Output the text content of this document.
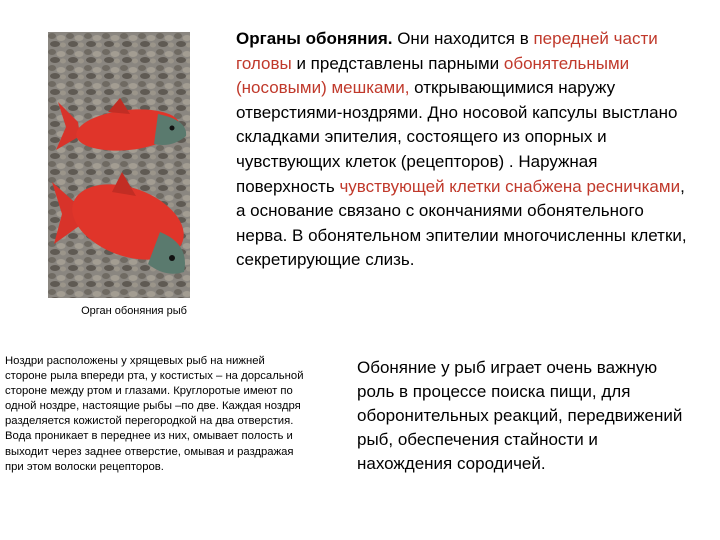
Орган обоняния рыб

Органы обоняния. Они находится в передней части головы и представлены парными обонятельными (носовыми) мешками, открывающимися наружу отверстиями-ноздрями. Дно носовой капсулы выстлано складками эпителия, состоящего из опорных и чувствующих клеток (рецепторов) . Наружная поверхность чувствующей клетки снабжена ресничками, а основание связано с окончаниями обонятельного нерва. В обонятельном эпителии многочисленны клетки, секретирующие слизь.

Ноздри расположены у хрящевых рыб на нижней стороне рыла впереди рта, у костистых – на дорсальной стороне между ртом и глазами. Круглоротые имеют по одной ноздре, настоящие рыбы –по две. Каждая ноздря разделяется кожистой перегородкой на два отверстия. Вода проникает в переднее из них, омывает полость и выходит через заднее отверстие, омывая и раздражая при этом волоски рецепторов.

Обоняние у рыб играет очень важную роль в процессе поиска пищи, для оборонительных реакций, передвижений рыб, обеспечения стайности и нахождения сородичей.
